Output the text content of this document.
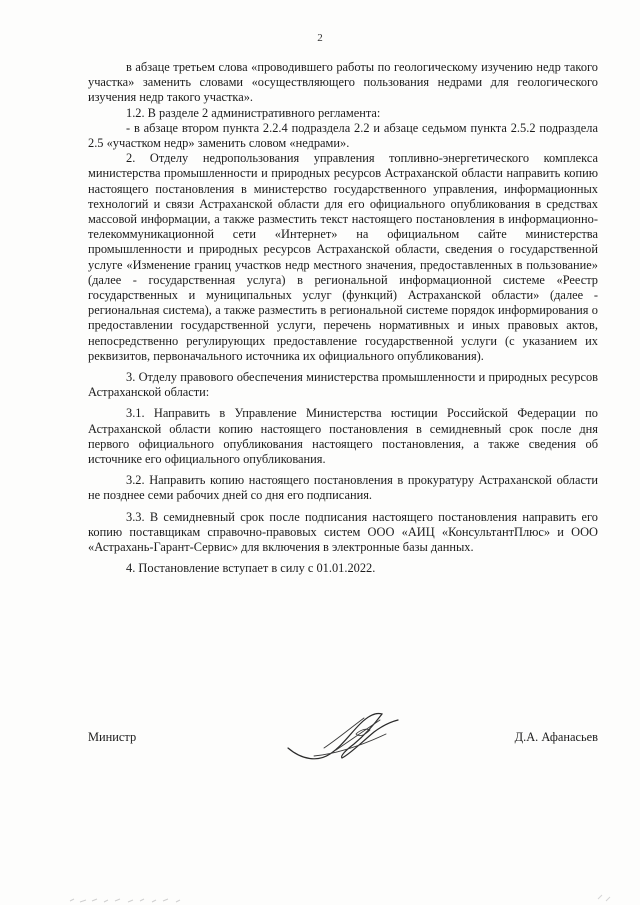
2

в абзаце третьем слова «проводившего работы по геологическому изучению недр такого участка» заменить словами «осуществляющего пользования недрами для геологического изучения недр такого участка».

1.2. В разделе 2 административного регламента:

- в абзаце втором пункта 2.2.4 подраздела 2.2 и абзаце седьмом пункта 2.5.2 подраздела 2.5 «участком недр» заменить словом «недрами».

2. Отделу недропользования управления топливно-энергетического комплекса министерства промышленности и природных ресурсов Астраханской области направить копию настоящего постановления в министерство государственного управления, информационных технологий и связи Астраханской области для его официального опубликования в средствах массовой информации, а также разместить текст настоящего постановления в информационно-телекоммуникационной сети «Интернет» на официальном сайте министерства промышленности и природных ресурсов Астраханской области, сведения о государственной услуге «Изменение границ участков недр местного значения, предоставленных в пользование» (далее - государственная услуга) в региональной информационной системе «Реестр государственных и муниципальных услуг (функций) Астраханской области» (далее - региональная система), а также разместить в региональной системе порядок информирования о предоставлении государственной услуги, перечень нормативных и иных правовых актов, непосредственно регулирующих предоставление государственной услуги (с указанием их реквизитов, первоначального источника их официального опубликования).

3. Отделу правового обеспечения министерства промышленности и природных ресурсов Астраханской области:

3.1. Направить в Управление Министерства юстиции Российской Федерации по Астраханской области копию настоящего постановления в семидневный срок после дня первого официального опубликования настоящего постановления, а также сведения об источнике его официального опубликования.

3.2. Направить копию настоящего постановления в прокуратуру Астраханской области не позднее семи рабочих дней со дня его подписания.

3.3. В семидневный срок после подписания настоящего постановления направить его копию поставщикам справочно-правовых систем ООО «АИЦ «КонсультантПлюс» и ООО «Астрахань-Гарант-Сервис» для включения в электронные базы данных.

4. Постановление вступает в силу с 01.01.2022.

Министр	Д.А. Афанасьев
